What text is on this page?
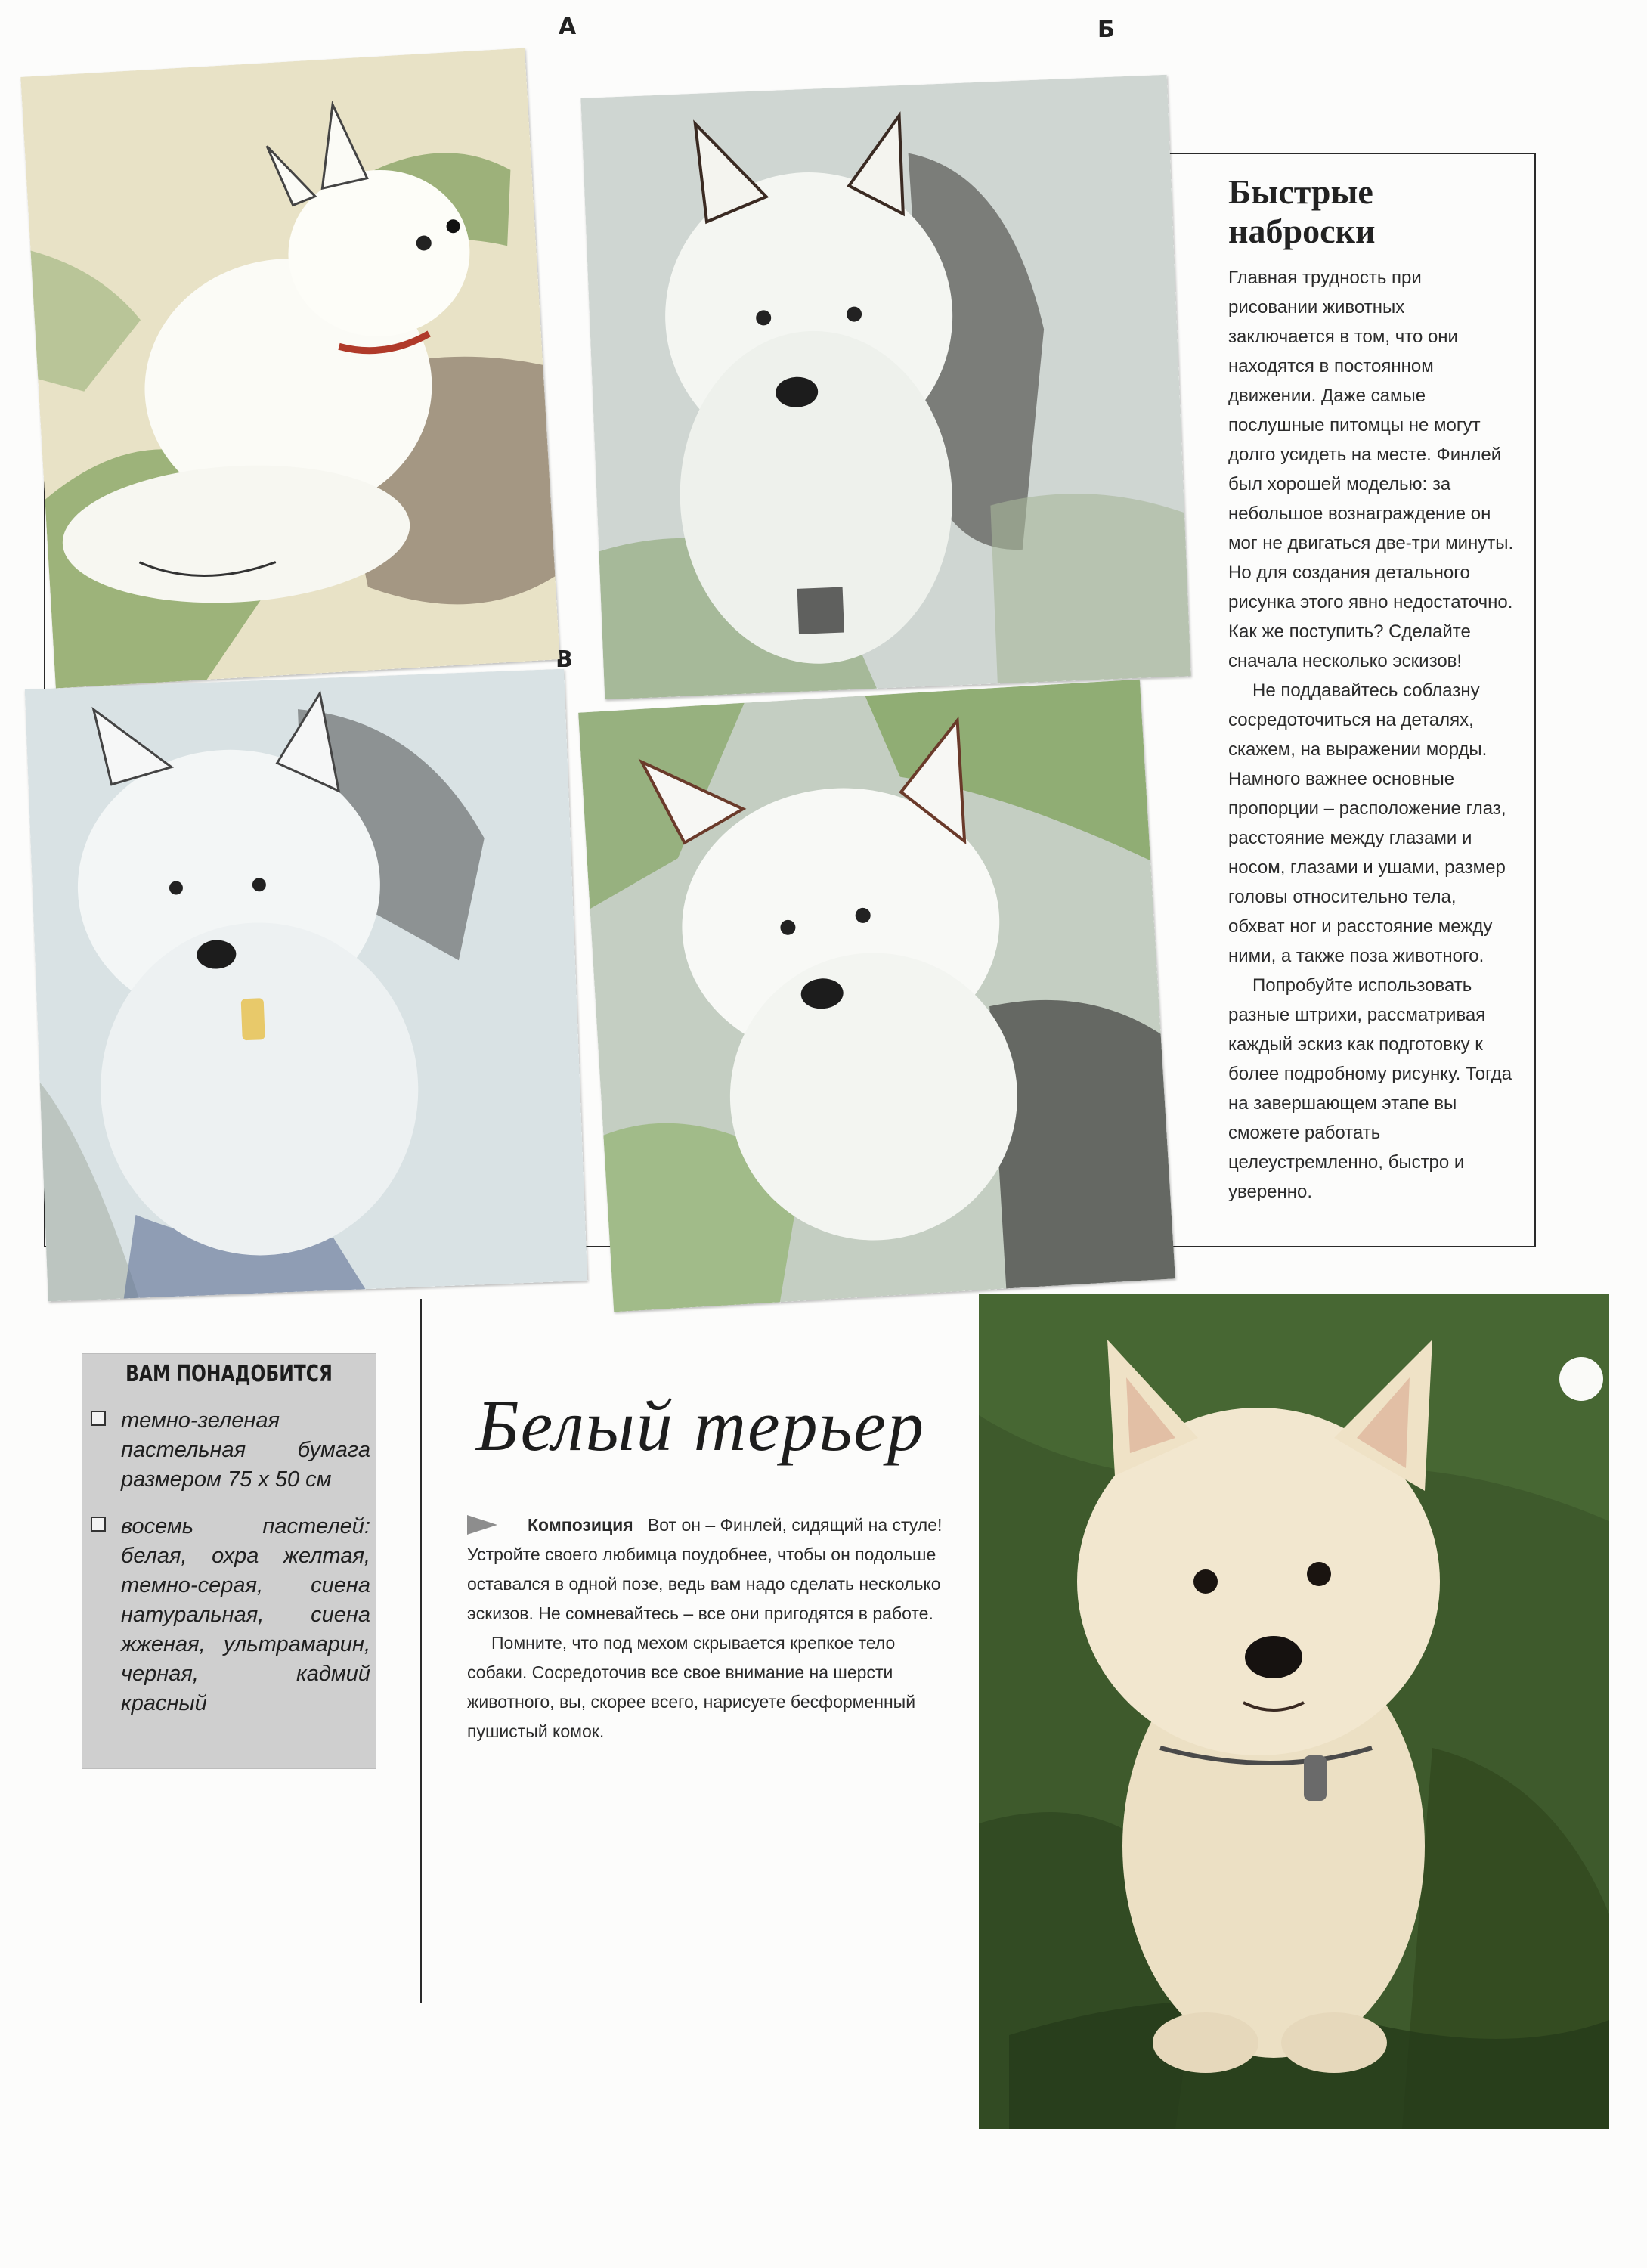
А	Б
В
Быстрые
наброски

Главная трудность при рисовании животных заключается в том, что они находятся в постоянном движении. Даже самые послушные питомцы не могут долго усидеть на месте. Финлей был хорошей моделью: за небольшое вознаграждение он мог не двигаться две-три минуты. Но для создания детального рисунка этого явно недостаточно. Как же поступить? Сделайте сначала несколько эскизов!

Не поддавайтесь соблазну сосредоточиться на деталях, скажем, на выражении морды. Намного важнее основные пропорции – расположение глаз, расстояние между глазами и носом, глазами и ушами, размер головы относительно тела, обхват ног и расстояние между ними, а также поза животного.

Попробуйте использовать разные штрихи, рассматривая каждый эскиз как подготовку к более подробному рисунку. Тогда на завершающем этапе вы сможете работать целеустремленно, быстро и уверенно.

ВАМ ПОНАДОБИТСЯ
темно-зеленая пастельная бумага размером 75 x 50 см
восемь пастелей: белая, охра желтая, темно-серая, сиена натуральная, сиена жженая, ультрамарин, черная, кадмий красный
Белый терьер

Композиция Вот он – Финлей, сидящий на стуле! Устройте своего любимца поудобнее, чтобы он подольше оставался в одной позе, ведь вам надо сделать несколько эскизов. Не сомневайтесь – все они пригодятся в работе.

Помните, что под мехом скрывается крепкое тело собаки. Сосредоточив все свое внимание на шерсти животного, вы, скорее всего, нарисуете бесформенный пушистый комок.
